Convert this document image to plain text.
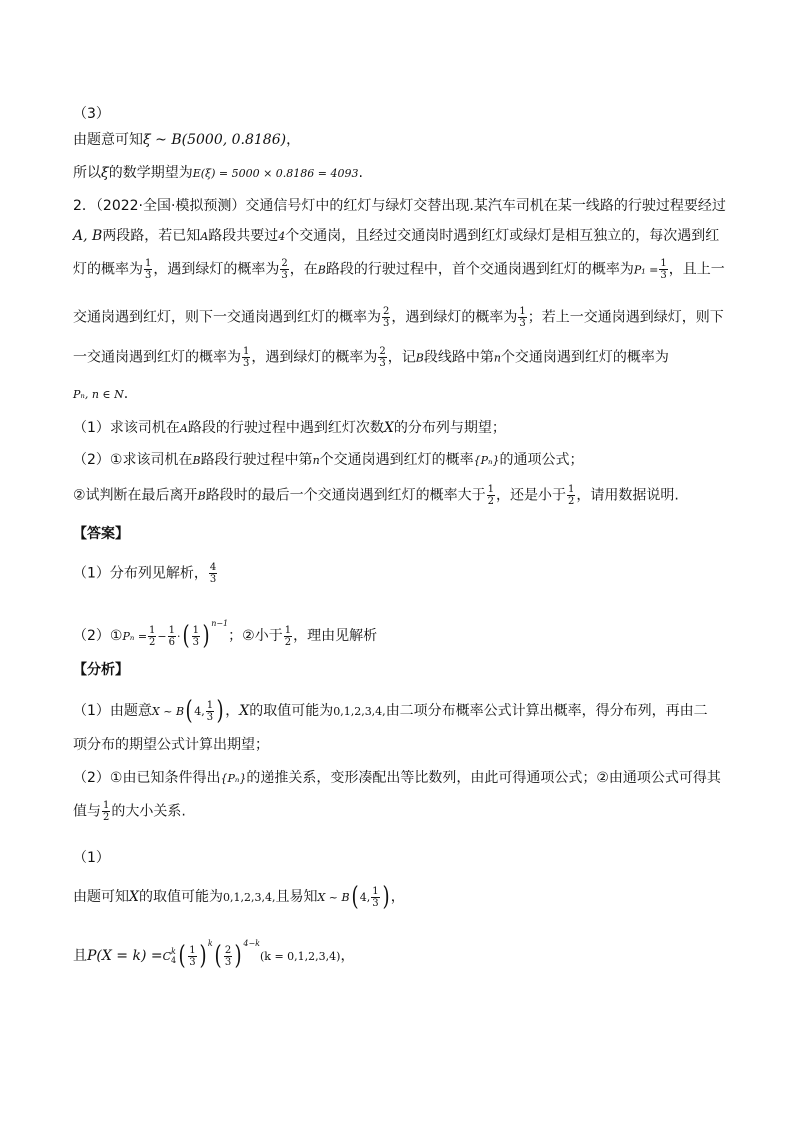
（3）
由题意可知ξ ~ B(5000, 0.8186)，
所以ξ的数学期望为E(ξ) = 5000 × 0.8186 = 4093.
2．（2022·全国·模拟预测）交通信号灯中的红灯与绿灯交替出现.某汽车司机在某一线路的行驶过程要经过
A, B两段路，若已知A路段共要过4个交通岗，且经过交通岗时遇到红灯或绿灯是相互独立的，每次遇到红
灯的概率为 $\frac{1}{3}$ ，遇到绿灯的概率为 $\frac{2}{3}$ ，在B路段的行驶过程中，首个交通岗遇到红灯的概率为$P_1 = \frac{1}{3}$ ，且上一
交通岗遇到红灯，则下一交通岗遇到红灯的概率为 $\frac{2}{3}$ ，遇到绿灯的概率为 $\frac{1}{3}$ ；若上一交通岗遇到绿灯，则下
一交通岗遇到红灯的概率为 $\frac{1}{3}$ ，遇到绿灯的概率为 $\frac{2}{3}$ ，记B段线路中第n个交通岗遇到红灯的概率为
Pₙ, n ∈ N.
（1）求该司机在A路段的行驶过程中遇到红灯次数X的分布列与期望；
（2）①求该司机在B路段行驶过程中第n个交通岗遇到红灯的概率{Pₙ}的通项公式；
②试判断在最后离开B路段时的最后一个交通岗遇到红灯的概率大于 $\frac{1}{2}$ ，还是小于 $\frac{1}{2}$ ，请用数据说明.
【答案】
（1）分布列见解析， $\frac{4}{3}$
（2）①Pₙ = $\frac{1}{2} - \frac{1}{6}$ ·( $\frac{1}{3}$ ) $^{n-1}$；②小于 $\frac{1}{2}$ ，理由见解析
【分析】
（1）由题意X ~ B( 4, $\frac{1}{3}$ ) ，X的取值可能为0,1,2,3,4,由二项分布概率公式计算出概率，得分布列，再由二
项分布的期望公式计算出期望；
（2）①由已知条件得出{Pₙ}的递推关系，变形凑配出等比数列，由此可得通项公式；②由通项公式可得其
值与 $\frac{1}{2}$ 的大小关系.
（1）
由题可知X的取值可能为0,1,2,3,4,且易知X ~ B( 4, $\frac{1}{3}$ ) ，
且P(X = k) =C k
4 ( $\frac{1}{3}$ ) $^k( \frac{2}{3}$ ) $^{4-k}$(k = 0,1,2,3,4)，
